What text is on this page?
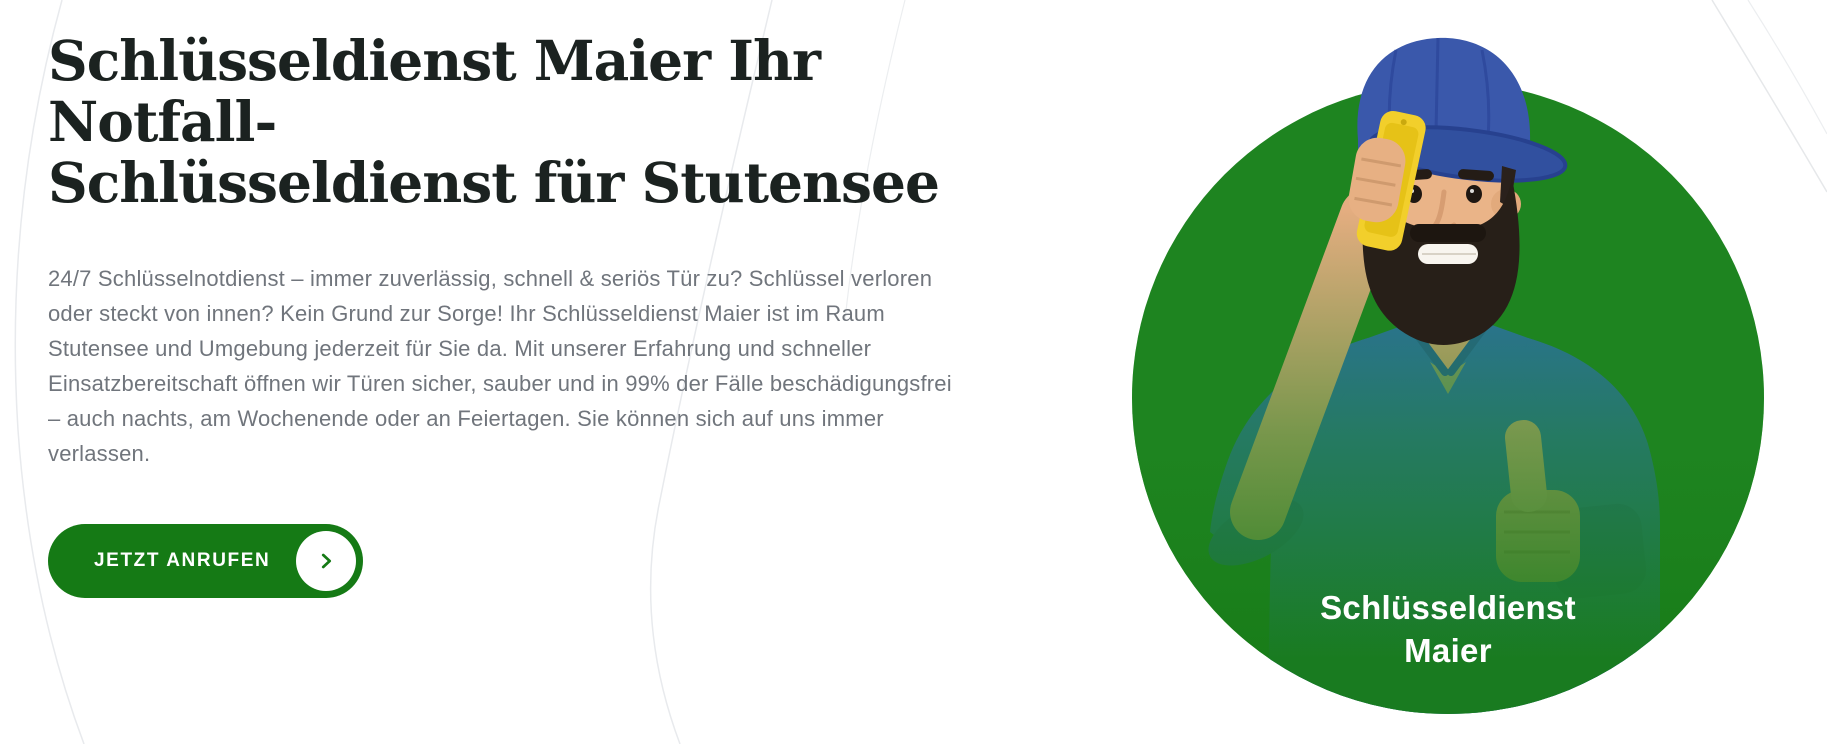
Schlüsseldienst Maier Ihr Notfall-
Schlüsseldienst für Stutensee

24/7 Schlüsselnotdienst – immer zuverlässig, schnell & seriös Tür zu? Schlüssel verloren oder steckt von innen? Kein Grund zur Sorge! Ihr Schlüsseldienst Maier ist im Raum Stutensee und Umgebung jederzeit für Sie da. Mit unserer Erfahrung und schneller Einsatzbereitschaft öffnen wir Türen sicher, sauber und in 99% der Fälle beschädigungsfrei – auch nachts, am Wochenende oder an Feiertagen. Sie können sich auf uns immer verlassen.

JETZT ANRUFEN
Schlüsseldienst
Maier
